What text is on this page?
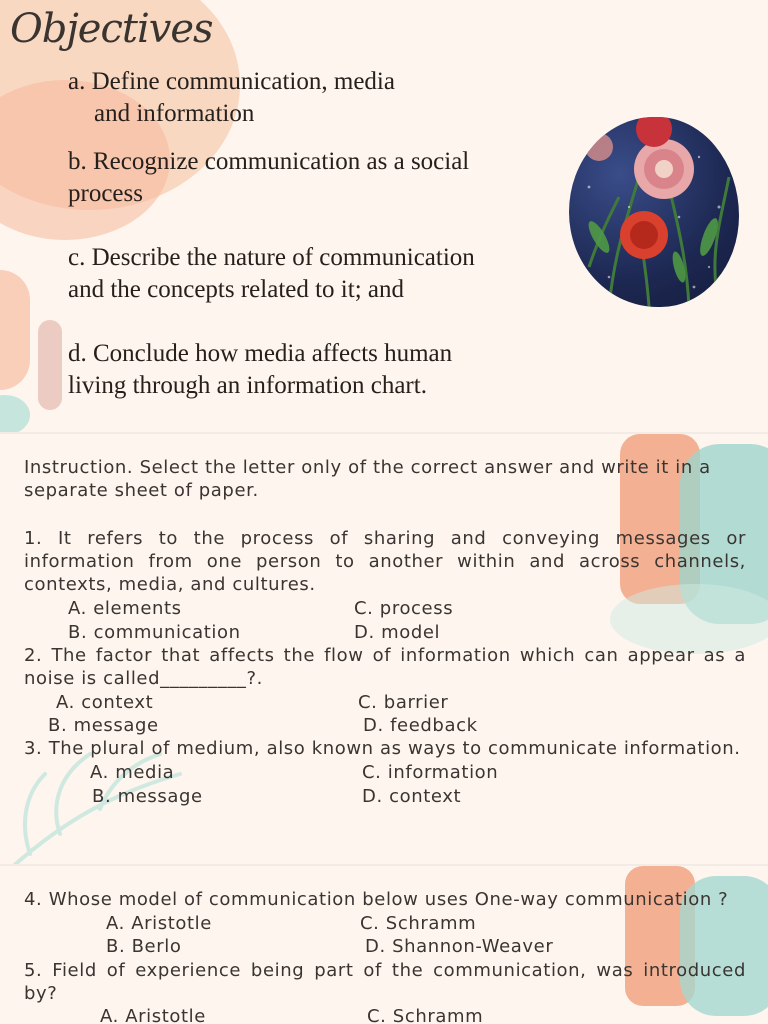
Objectives
a. Define communication, media
and information
b. Recognize communication as a social
process
c. Describe the nature of communication
and the concepts related to it; and
d. Conclude how media affects human
living through an information chart.
Instruction. Select the letter only of the correct answer and write it in a separate sheet of paper.
1. It refers to the process of sharing and conveying messages or information from one person to another within and across channels, contexts, media, and cultures.
A. elements	C. process
B. communication	D. model
2. The factor that affects the flow of information which can appear as a noise is called_________?.
A. context	C. barrier
B. message	D. feedback
3. The plural of medium, also known as ways to communicate information.
A. media	C. information
B. message	D. context
4. Whose model of communication below uses One-way communication ?
A. Aristotle	C. Schramm
B. Berlo	D. Shannon-Weaver
5. Field of experience being part of the communication, was introduced by?
A. Aristotle	C. Schramm
